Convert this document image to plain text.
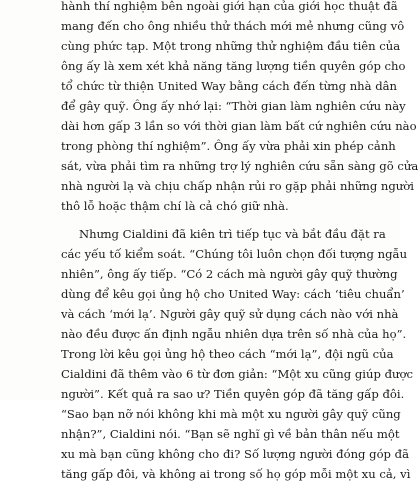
hành thí nghiệm bên ngoài giới hạn của giới học thuật đã
mang đến cho ông nhiều thử thách mới mẻ nhưng cũng vô
cùng phức tạp. Một trong những thử nghiệm đầu tiên của
ông ấy là xem xét khả năng tăng lượng tiền quyên góp cho
tổ chức từ thiện United Way bằng cách đến từng nhà dân
để gây quỹ. Ông ấy nhớ lại: “Thời gian làm nghiên cứu này
dài hơn gấp 3 lần so với thời gian làm bất cứ nghiên cứu nào
trong phòng thí nghiệm”. Ông ấy vừa phải xin phép cảnh
sát, vừa phải tìm ra những trợ lý nghiên cứu sẵn sàng gõ cửa
nhà người lạ và chịu chấp nhận rủi ro gặp phải những người
thô lỗ hoặc thậm chí là cả chó giữ nhà.
Nhưng Cialdini đã kiên trì tiếp tục và bắt đầu đặt ra
các yếu tố kiểm soát. “Chúng tôi luôn chọn đối tượng ngẫu
nhiên”, ông ấy tiếp. “Có 2 cách mà người gây quỹ thường
dùng để kêu gọi ủng hộ cho United Way: cách ‘tiêu chuẩn’
và cách ‘mới lạ’. Người gây quỹ sử dụng cách nào với nhà
nào đều được ấn định ngẫu nhiên dựa trên số nhà của họ”.
Trong lời kêu gọi ủng hộ theo cách “mới lạ”, đội ngũ của
Cialdini đã thêm vào 6 từ đơn giản: “Một xu cũng giúp được
người”. Kết quả ra sao ư? Tiền quyên góp đã tăng gấp đôi.
“Sao bạn nỡ nói không khi mà một xu người gây quỹ cũng
nhận?”, Cialdini nói. “Bạn sẽ nghĩ gì về bản thân nếu một
xu mà bạn cũng không cho đi? Số lượng người đóng góp đã
tăng gấp đôi, và không ai trong số họ góp mỗi một xu cả, vì
